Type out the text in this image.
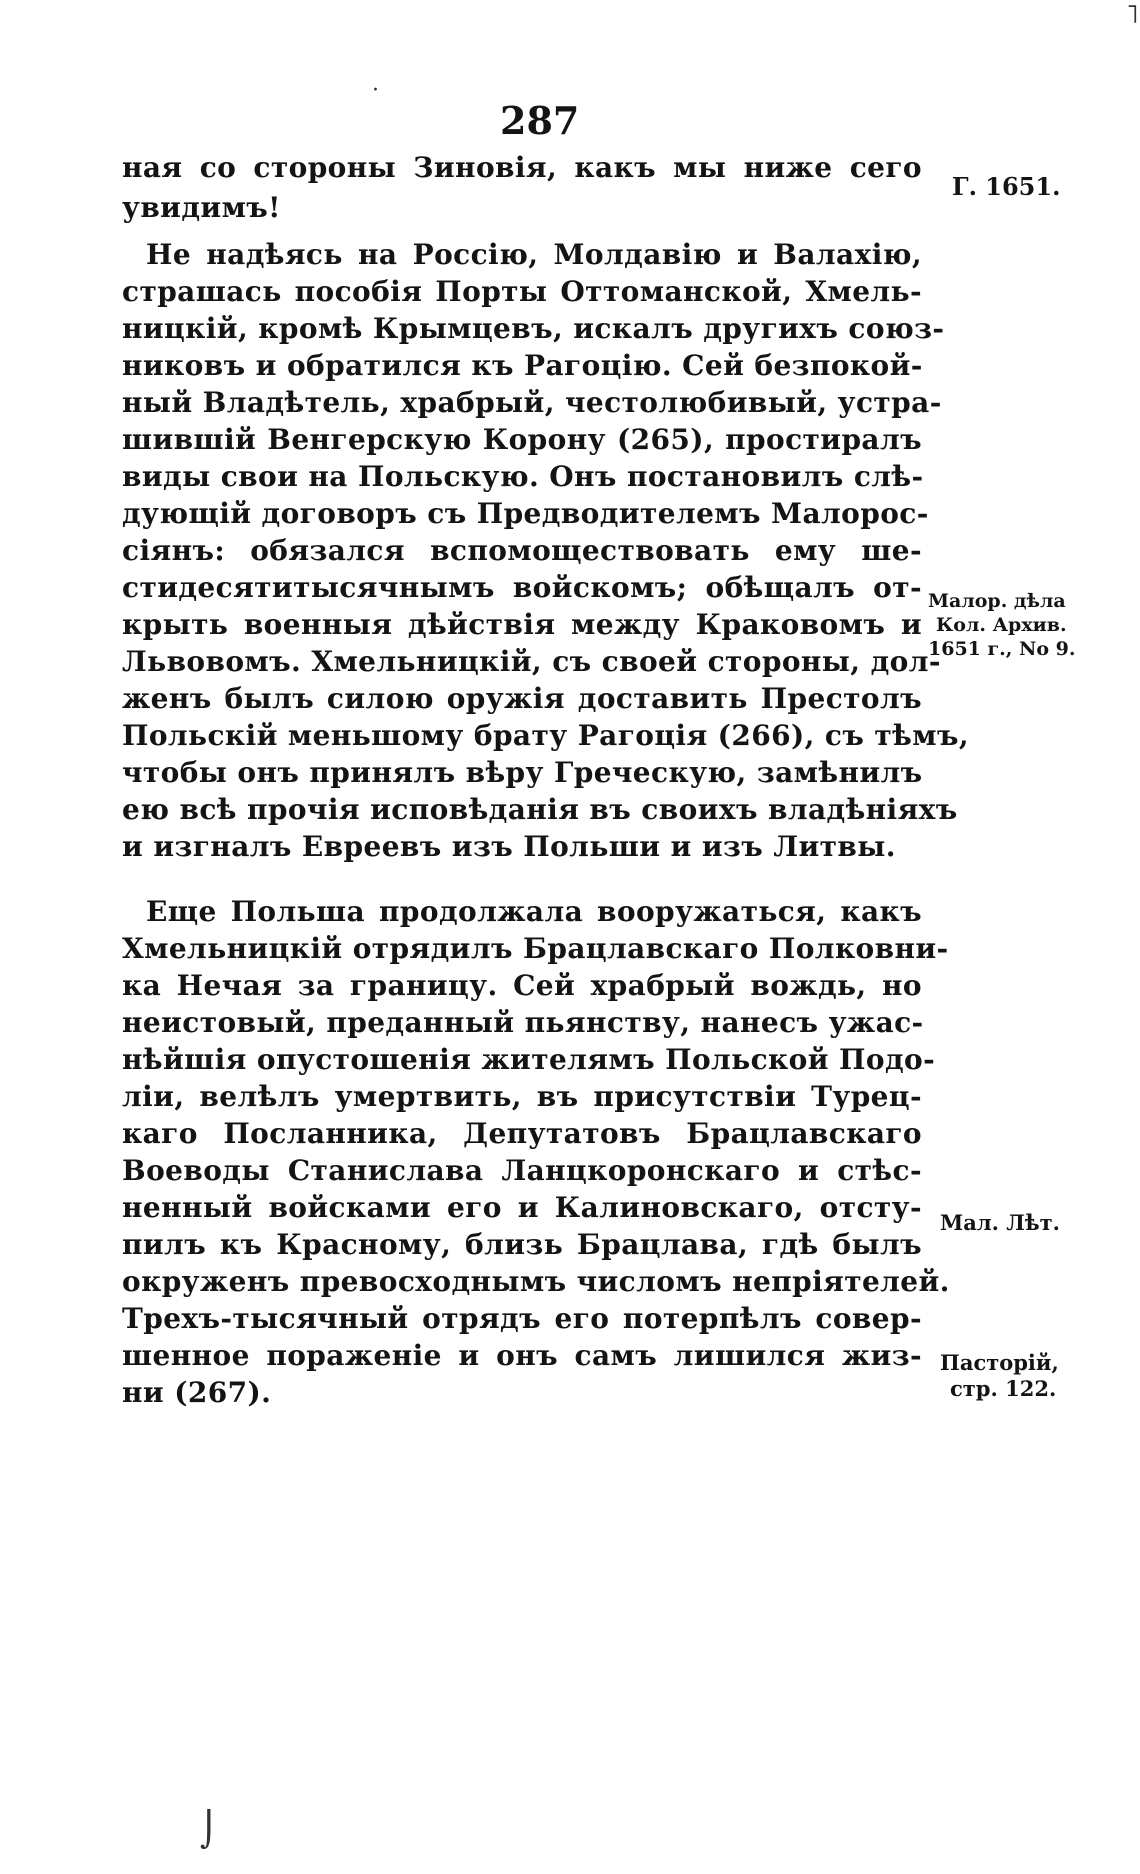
287
ная со стороны Зиновія, какъ мы ниже сего
увидимъ!
Не надѣясь на Россію, Молдавію и Валахію,
страшась пособія Порты Оттоманской, Хмель-
ницкій, кромѣ Крымцевъ, искалъ другихъ союз-
никовъ и обратился къ Рагоцію. Сей безпокой-
ный Владѣтель, храбрый, честолюбивый, устра-
шившій Венгерскую Корону (265), простиралъ
виды свои на Польскую. Онъ постановилъ слѣ-
дующій договоръ съ Предводителемъ Малорос-
сіянъ: обязался вспомоществовать ему ше-
стидесятитысячнымъ войскомъ; обѣщалъ от-
крыть военныя дѣйствія между Краковомъ и
Львовомъ. Хмельницкій, съ своей стороны, дол-
женъ былъ силою оружія доставить Престолъ
Польскій меньшому брату Рагоція (266), съ тѣмъ,
чтобы онъ принялъ вѣру Греческую, замѣнилъ
ею всѣ прочія исповѣданія въ своихъ владѣніяхъ
и изгналъ Евреевъ изъ Польши и изъ Литвы.
Еще Польша продолжала вооружаться, какъ
Хмельницкій отрядилъ Брацлавскаго Полковни-
ка Нечая за границу. Сей храбрый вождь, но
неистовый, преданный пьянству, нанесъ ужас-
нѣйшія опустошенія жителямъ Польской Подо-
ліи, велѣлъ умертвить, въ присутствіи Турец-
каго Посланника, Депутатовъ Брацлавскаго
Воеводы Станислава Ланцкоронскаго и стѣс-
ненный войсками его и Калиновскаго, отсту-
пилъ къ Красному, близь Брацлава, гдѣ былъ
окруженъ превосходнымъ числомъ непріятелей.
Трехъ-тысячный отрядъ его потерпѣлъ совер-
шенное пораженіе и онъ самъ лишился жиз-
ни (267).
Г. 1651.
Малор. дѣла
Кол. Архив.
1651 г., No 9.
Мал. Лѣт.
Пасторій,
стр. 122.
·
˥
⌡
